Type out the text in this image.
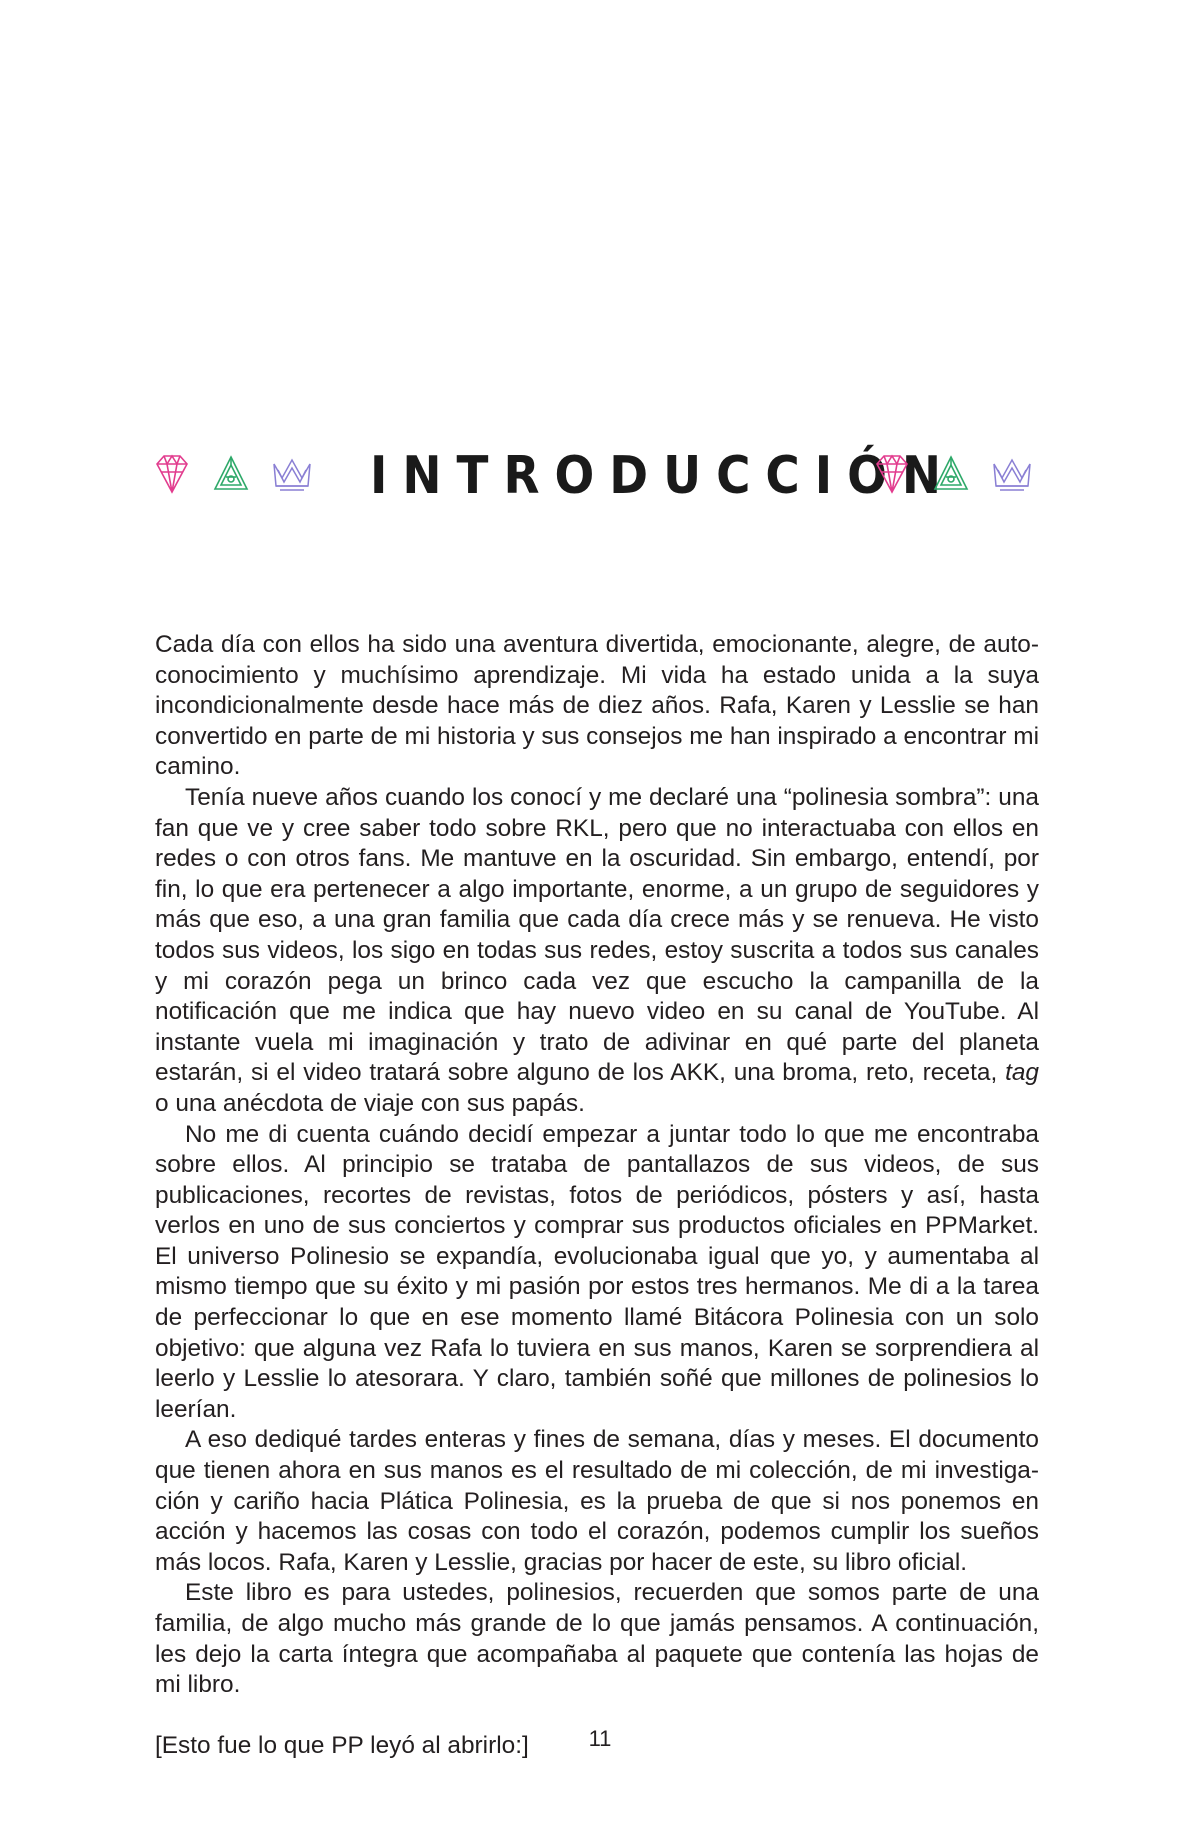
INTRODUCCIÓN

Cada día con ellos ha sido una aventura divertida, emocionante, alegre, de autoconocimiento y muchísimo aprendizaje. Mi vida ha estado unida a la suya incondicionalmente desde hace más de diez años. Rafa, Karen y Lesslie se han convertido en parte de mi historia y sus consejos me han inspirado a encontrar mi camino.

Tenía nueve años cuando los conocí y me declaré una “polinesia sombra”: una fan que ve y cree saber todo sobre RKL, pero que no interactuaba con ellos en redes o con otros fans. Me mantuve en la oscuridad. Sin embargo, entendí, por fin, lo que era pertenecer a algo importante, enorme, a un grupo de seguidores y más que eso, a una gran familia que cada día crece más y se renueva. He visto todos sus videos, los sigo en todas sus redes, estoy suscrita a todos sus canales y mi corazón pega un brinco cada vez que escucho la campanilla de la notificación que me indica que hay nuevo video en su canal de YouTube. Al instante vuela mi imaginación y trato de adivinar en qué parte del planeta estarán, si el video tratará sobre alguno de los AKK, una broma, reto, receta, tag o una anécdota de viaje con sus papás.

No me di cuenta cuándo decidí empezar a juntar todo lo que me encontraba sobre ellos. Al principio se trataba de pantallazos de sus videos, de sus publicaciones, recortes de revistas, fotos de periódicos, pósters y así, hasta verlos en uno de sus conciertos y comprar sus productos oficiales en PPMarket. El universo Polinesio se expandía, evolucionaba igual que yo, y aumentaba al mismo tiempo que su éxito y mi pasión por estos tres hermanos. Me di a la tarea de perfeccionar lo que en ese momento llamé Bitácora Polinesia con un solo objetivo: que alguna vez Rafa lo tuviera en sus manos, Karen se sorprendiera al leerlo y Lesslie lo atesorara. Y claro, también soñé que millones de polinesios lo leerían.

A eso dediqué tardes enteras y fines de semana, días y meses. El documento que tienen ahora en sus manos es el resultado de mi colección, de mi investigación y cariño hacia Plática Polinesia, es la prueba de que si nos ponemos en acción y hacemos las cosas con todo el corazón, podemos cumplir los sueños más locos. Rafa, Karen y Lesslie, gracias por hacer de este, su libro oficial.

Este libro es para ustedes, polinesios, recuerden que somos parte de una familia, de algo mucho más grande de lo que jamás pensamos. A continuación, les dejo la carta íntegra que acompañaba al paquete que contenía las hojas de mi libro.

[Esto fue lo que PP leyó al abrirlo:]	11
